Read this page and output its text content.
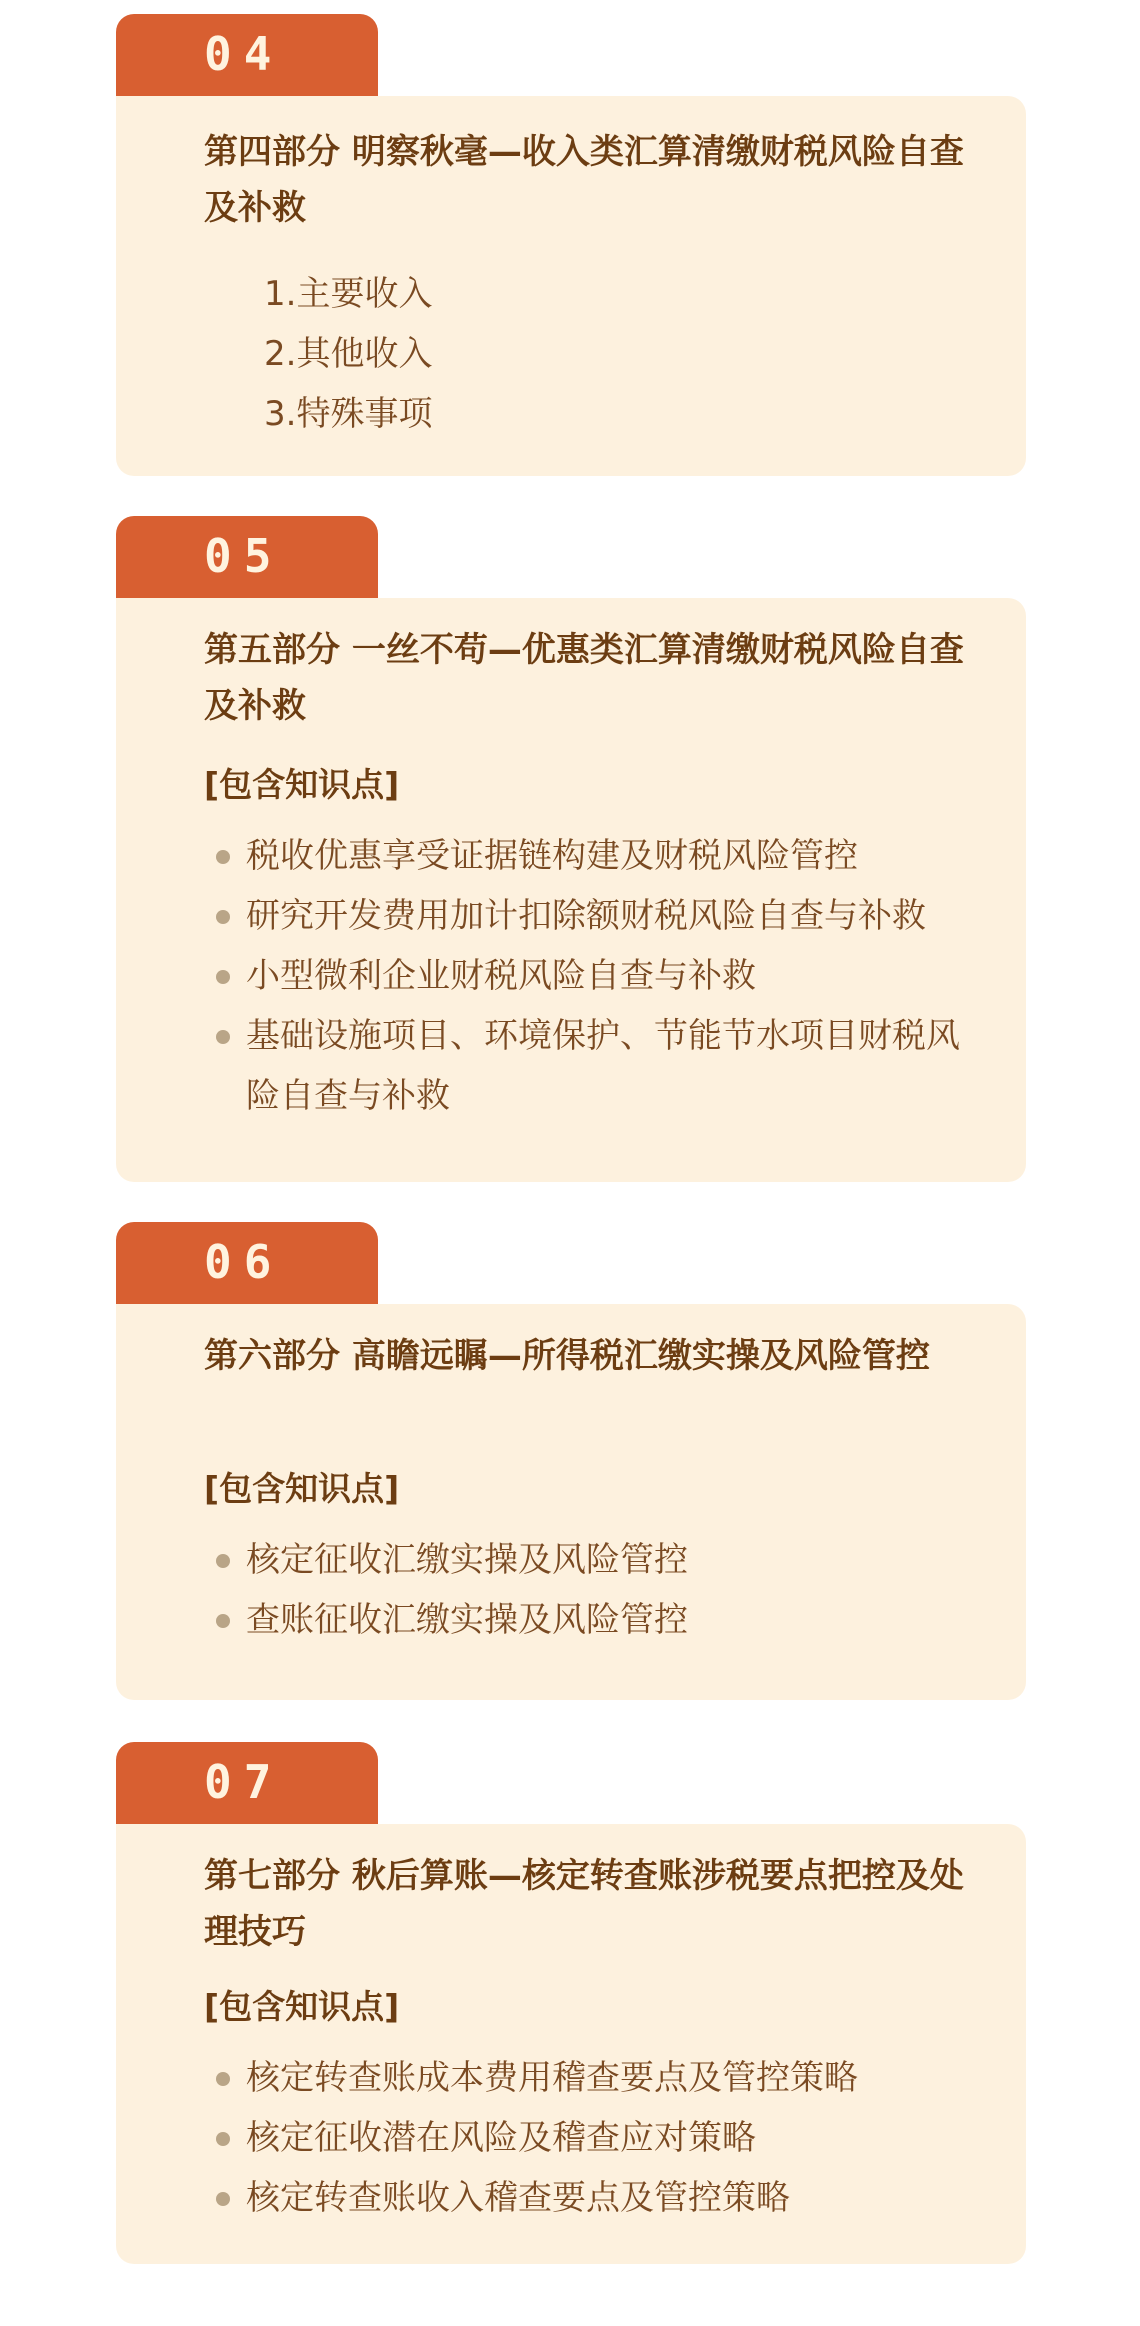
04
第四部分 明察秋毫—收入类汇算清缴财税风险自查及补救
1.主要收入
2.其他收入
3.特殊事项
05
第五部分 一丝不苟—优惠类汇算清缴财税风险自查及补救
[包含知识点]
税收优惠享受证据链构建及财税风险管控
研究开发费用加计扣除额财税风险自查与补救
小型微利企业财税风险自查与补救
基础设施项目、环境保护、节能节水项目财税风险自查与补救
06
第六部分 高瞻远瞩—所得税汇缴实操及风险管控
[包含知识点]
核定征收汇缴实操及风险管控
查账征收汇缴实操及风险管控
07
第七部分 秋后算账—核定转查账涉税要点把控及处理技巧
[包含知识点]
核定转查账成本费用稽查要点及管控策略
核定征收潜在风险及稽查应对策略
核定转查账收入稽查要点及管控策略
